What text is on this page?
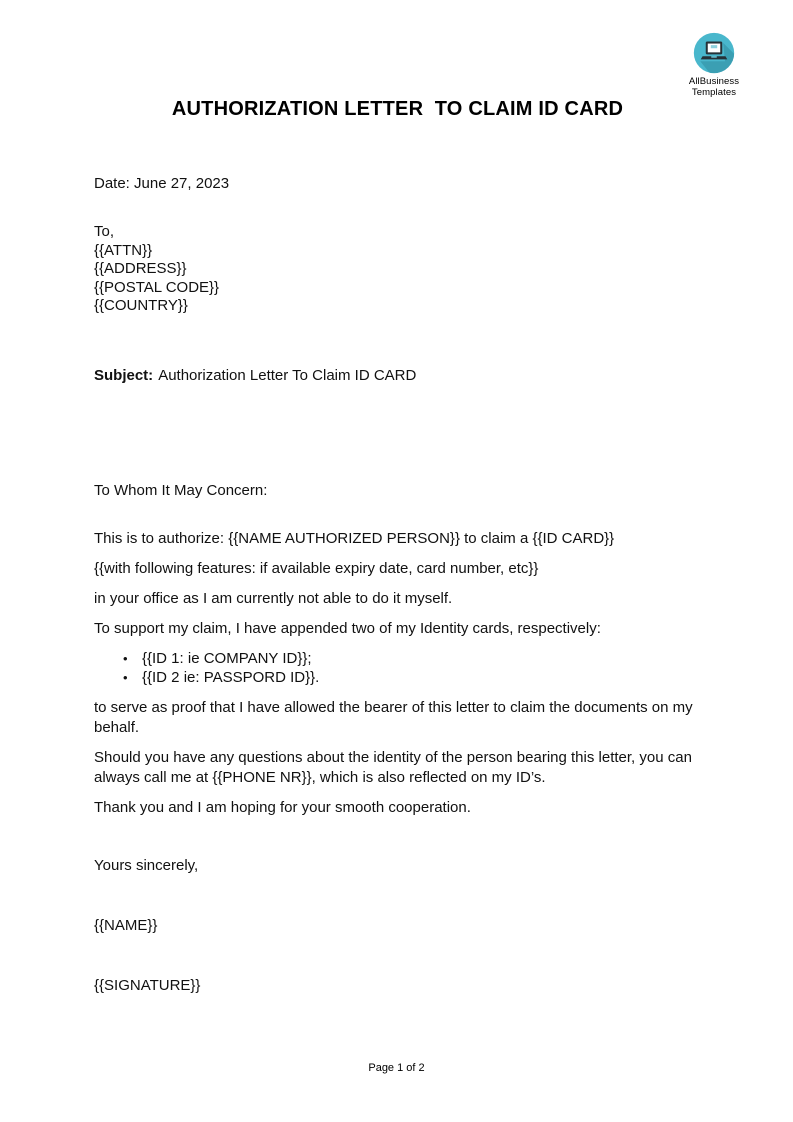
AllBusiness
Templates
AUTHORIZATION LETTER  TO CLAIM ID CARD
Date: June 27, 2023
To,
{{ATTN}}
{{ADDRESS}}
{{POSTAL CODE}}
{{COUNTRY}}
Subject: Authorization Letter To Claim ID CARD
To Whom It May Concern:

This is to authorize: {{NAME AUTHORIZED PERSON}} to claim a {{ID CARD}}

{{with following features: if available expiry date, card number, etc}}

in your office as I am currently not able to do it myself.

To support my claim, I have appended two of my Identity cards, respectively:

• {{ID 1: ie COMPANY ID}};
• {{ID 2 ie: PASSPORD ID}}.

to serve as proof that I have allowed the bearer of this letter to claim the documents on my behalf.

Should you have any questions about the identity of the person bearing this letter, you can always call me at {{PHONE NR}}, which is also reflected on my ID’s.

Thank you and I am hoping for your smooth cooperation.

Yours sincerely,
{{NAME}}
{{SIGNATURE}}
Page 1 of 2
